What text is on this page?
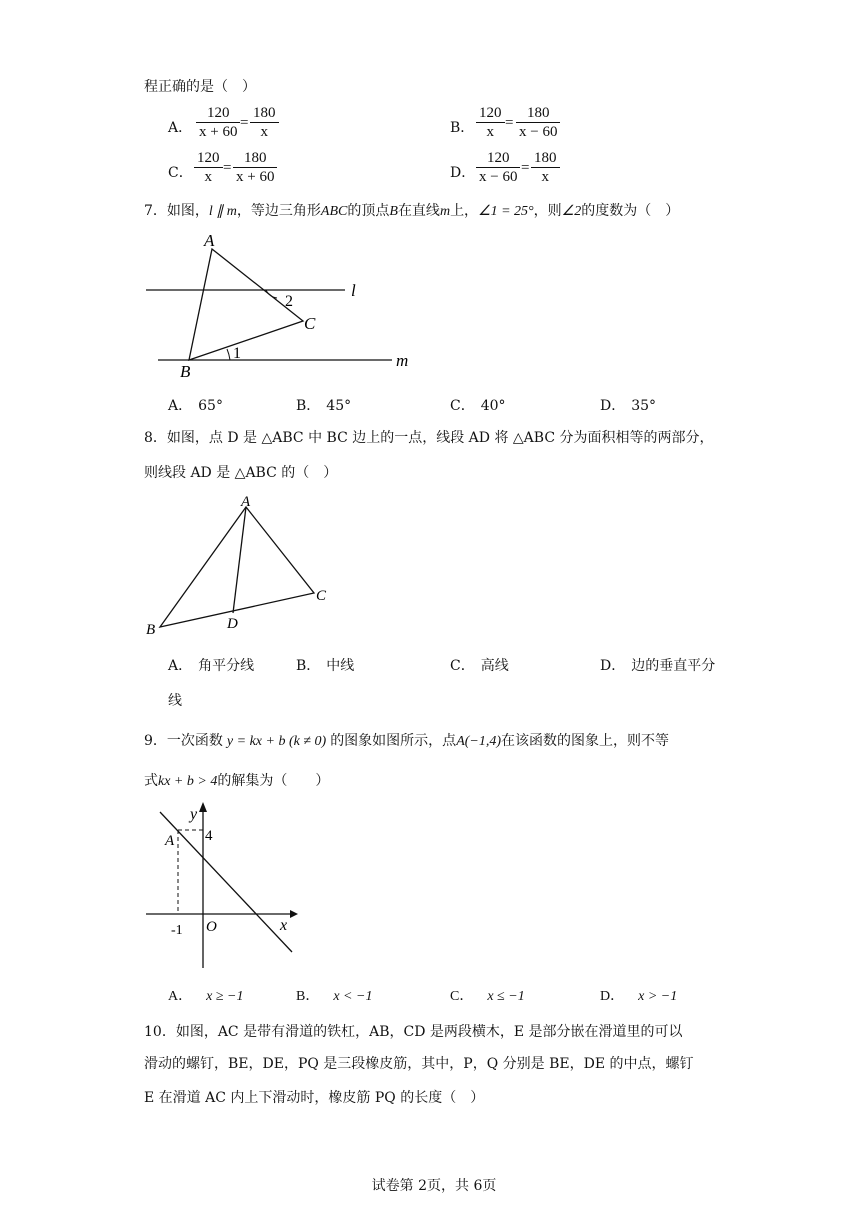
程正确的是（　）
A． $\frac{120}{x + 60} = \frac{180}{x}$	B． $\frac{120}{x} = \frac{180}{x - 60}$
C． $\frac{120}{x} = \frac{180}{x + 60}$	D． $\frac{120}{x - 60} = \frac{180}{x}$
7．如图，l ∥ m，等边三角形ABC的顶点B在直线m上，∠1 = 25°，则∠2的度数为（　）
A
B
C
l
m
1
2
A． 65°	B． 45°	C． 40°	D． 35°
8．如图，点 D 是 △ABC 中 BC 边上的一点，线段 AD 将 △ABC 分为面积相等的两部分，
则线段 AD 是 △ABC 的（　）
A
B
C
D
A． 角平分线	B． 中线	C． 高线	D． 边的垂直平分
线
9．一次函数 y = kx + b (k ≠ 0) 的图象如图所示，点A(−1,4)在该函数的图象上，则不等
式kx + b > 4的解集为（　　）
y
x
A 4
-1 O
A． x ≥ −1	B． x < −1	C． x ≤ −1	D． x > −1
10．如图，AC 是带有滑道的铁杠，AB，CD 是两段横木，E 是部分嵌在滑道里的可以
滑动的螺钉，BE，DE，PQ 是三段橡皮筋，其中，P，Q 分别是 BE，DE 的中点，螺钉
E 在滑道 AC 内上下滑动时，橡皮筋 PQ 的长度（　）
试卷第 2页，共 6页
